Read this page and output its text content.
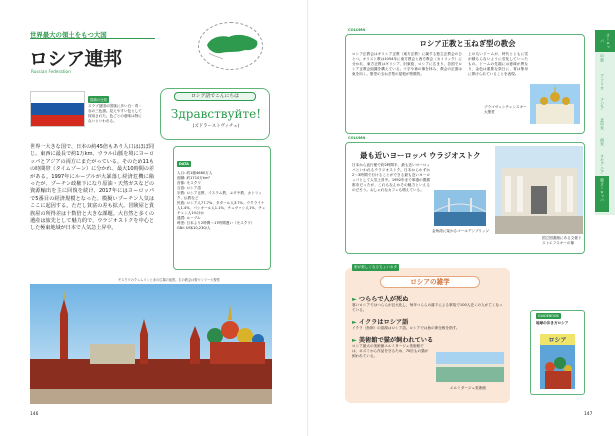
世界最大の領土をもつ大国
ロシア連邦
Russian Federation
国旗の豆知
スラブ諸国の国旗に多い白・青・赤の三色旗。見えやすい色として採用された。色ごとの意味は特にないといわれる。
ロシア語でこんにちは
Здравствуйте!
(ズドラーストヴィチェ)
世界一大きな国で、日本の約45倍もあり人口はほぼ同じ。東西に最長で約1万km、ウラル山脈を境にヨーロッパとアジアの両方にまたがっている。そのため11もの時間帯（タイムゾーン）に分かれ、最大10時間の差がある。1997年にルーブルが大暴落し経済危機に陥ったが、プーチン政権下になり原油・天然ガスなどの資源輸出を主に回復を続け、2017年にはヨーロッパで5番目の経済規模となった。模擬いプーチン人気はここに起因する。ただし貧富の差も拡大。冒険屋と貴族屋の所得差は十数倍と大きな課題。大自然と多くの遺産は旅先として魅力的で、ウラジオストクを中心とした極東地域が日本で人気急上昇中。
DATA
人口: 約1億4680万人
面積: 約1710万km²
首都: モスクワ
言語: ロシア語
宗教: ロシア正教、イスラム教、ユダヤ教、カトリック、仏教など
民族: ロシア人77.7%、タタール人3.7%、ウクライナ人1.4%、バシキール人1.1%、チュヴァシ人1%、チェチェン人1%ほか
通貨: ルーブル
時差: 日本より2時間〜17時間遅い（モスクワ）
GNI: US$10,230/人
モスクワのクレムリンと赤の広場の夜景。右の教会は聖ワシリー大聖堂
146
ヨーロッパ
中東
アフリカ
アジア
北中米
南米
オセアニア
東ヨーロッパ
COLUMN
ロシア正教と玉ねぎ型の教会
ロシア正教会はギリシア正教（東方正教）に属する独立正教会のひとつ。キリスト教は1054年に東方教会と西方教会（カトリック）に分かれ、東方正教はギリシア、旧東欧、ロシアに広まり、各国でロシア正教会組織を構えている。十字や神の像を拝み、教会の正面は東を向く。聖堂の玉ねぎ型の屋根が特徴的。
上の丸いドームが、時代とともに雪が積もらないように変化していったもの。ドームの先端には意味が異なり、金色は重要な祭日に、青は聖母に捧げられていることを表現。
ブラゴヴェシチェンスキー大聖堂
COLUMN
最も近いヨーロッパ ウラジオストク
日本から直行便で約2時間半、最も近いヨーロッパといわれるウラジオストク。日本からわずか2〜3時間で行けることができる最も近いヨーロッパとして人気上昇中。1992年まで軍港の閉鎖都市だったが、これもなんかその魅力といえるのだろう。おしゃれなカフェも増えている。
金角湾に架かるゴールデンブリッジ
国立図書館にある文豪ドストエフスキーの像
旅が楽しくなるちょいネタ
ロシアの雑学
► つららで人が死ぬ
寒いロシアではつららが巨大化し、毎年つららの落下による事故で100人近くの人が亡くなっている。
► イクラはロシア語
イクラ（魚卵）の語源はロシア語。ロシアでは魚の卵全般を指す。
► 美術館で猫が飼われている
ロシア最大の美術館エルミタージュ美術館では、ネズミから作品を守るため、70匹もの猫が飼われている。
エルミタージュ美術館
GUIDEBOOK
地球の歩き方ロシア
ロシア
147
